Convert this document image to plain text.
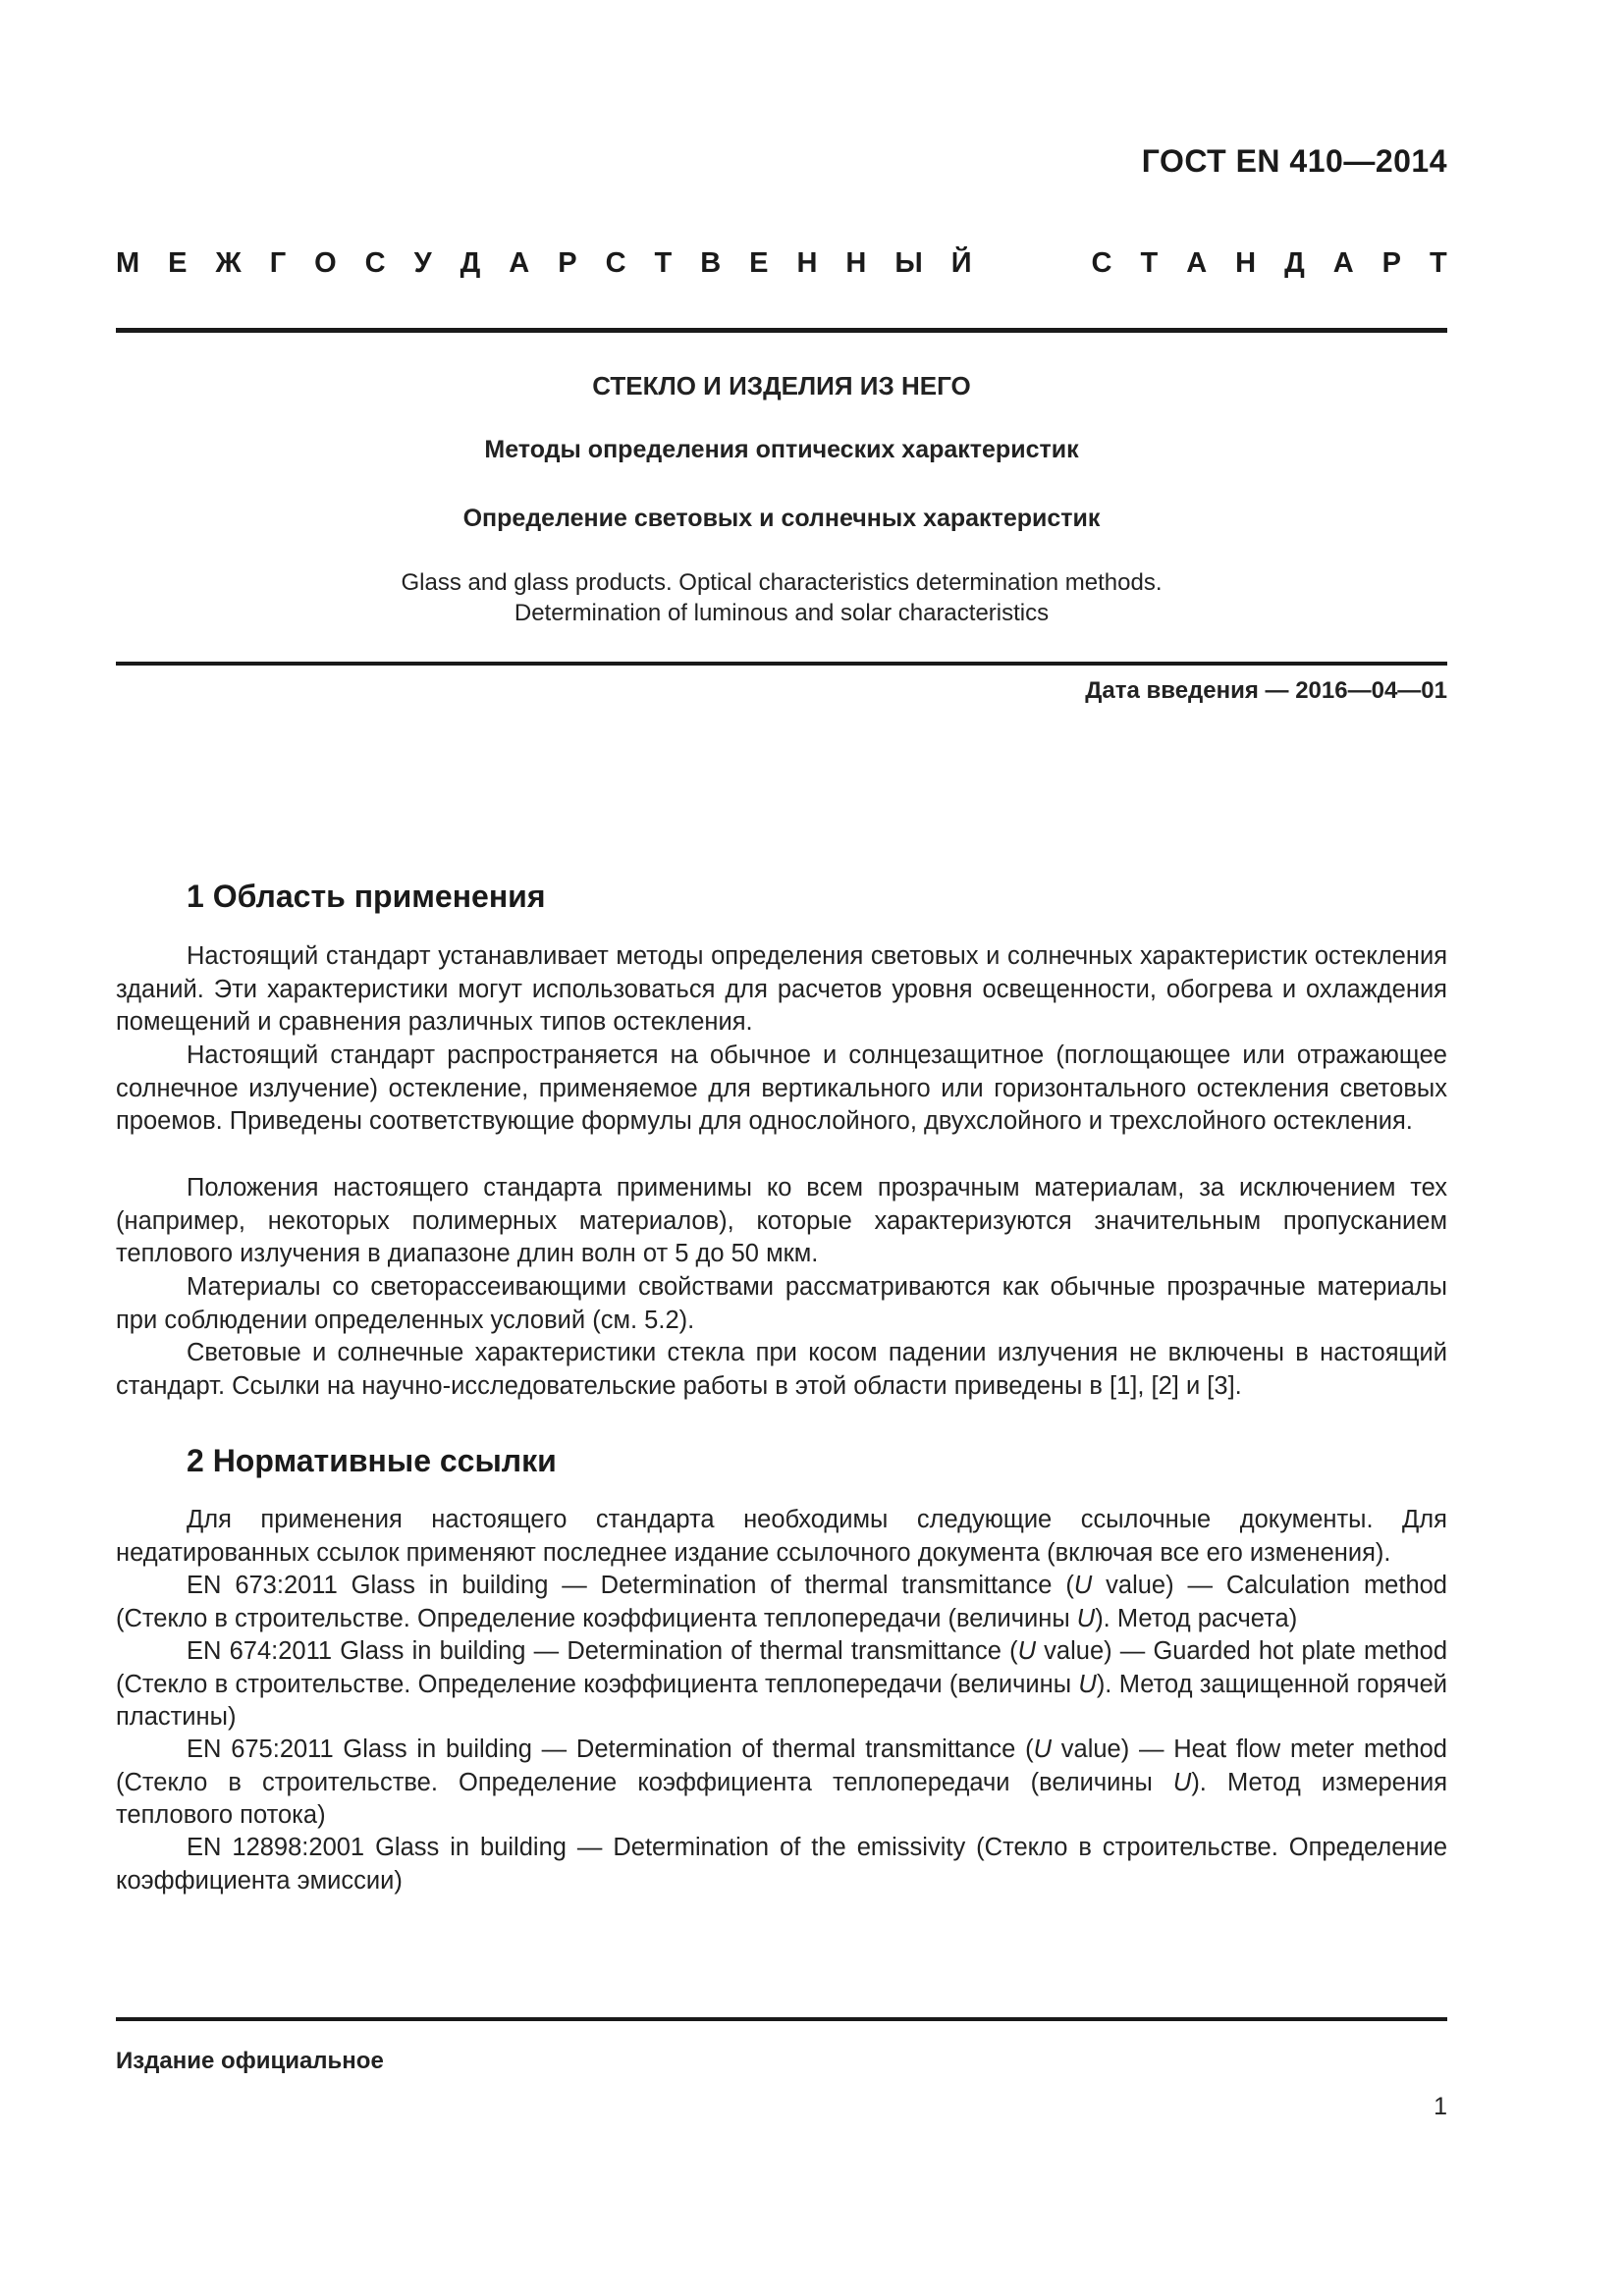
ГОСТ EN 410—2014
М Е Ж Г О С У Д А Р С Т В Е Н Н Ы Й	С Т А Н Д А Р Т
СТЕКЛО И ИЗДЕЛИЯ ИЗ НЕГО
Методы определения оптических характеристик
Определение световых и солнечных характеристик
Glass and glass products. Optical characteristics determination methods.
Determination of luminous and solar characteristics
Дата введения — 2016—04—01
1 Область применения
Настоящий стандарт устанавливает методы определения световых и солнечных характеристик остекления зданий. Эти характеристики могут использоваться для расчетов уровня освещенности, обогрева и охлаждения помещений и сравнения различных типов остекления.
Настоящий стандарт распространяется на обычное и солнцезащитное (поглощающее или отражающее солнечное излучение) остекление, применяемое для вертикального или горизонтального остекления световых проемов. Приведены соответствующие формулы для однослойного, двухслойного и трехслойного остекления.
Положения настоящего стандарта применимы ко всем прозрачным материалам, за исключением тех (например, некоторых полимерных материалов), которые характеризуются значительным пропусканием теплового излучения в диапазоне длин волн от 5 до 50 мкм.
Материалы со светорассеивающими свойствами рассматриваются как обычные прозрачные материалы при соблюдении определенных условий (см. 5.2).
Световые и солнечные характеристики стекла при косом падении излучения не включены в настоящий стандарт. Ссылки на научно-исследовательские работы в этой области приведены в [1], [2] и [3].
2 Нормативные ссылки
Для применения настоящего стандарта необходимы следующие ссылочные документы. Для недатированных ссылок применяют последнее издание ссылочного документа (включая все его изменения).
EN 673:2011 Glass in building — Determination of thermal transmittance (U value) — Calculation method (Стекло в строительстве. Определение коэффициента теплопередачи (величины U). Метод расчета)
EN 674:2011 Glass in building — Determination of thermal transmittance (U value) — Guarded hot plate method (Стекло в строительстве. Определение коэффициента теплопередачи (величины U). Метод защищенной горячей пластины)
EN 675:2011 Glass in building — Determination of thermal transmittance (U value) — Heat flow meter method (Стекло в строительстве. Определение коэффициента теплопередачи (величины U). Метод измерения теплового потока)
EN 12898:2001 Glass in building — Determination of the emissivity (Стекло в строительстве. Определение коэффициента эмиссии)
Издание официальное
1
